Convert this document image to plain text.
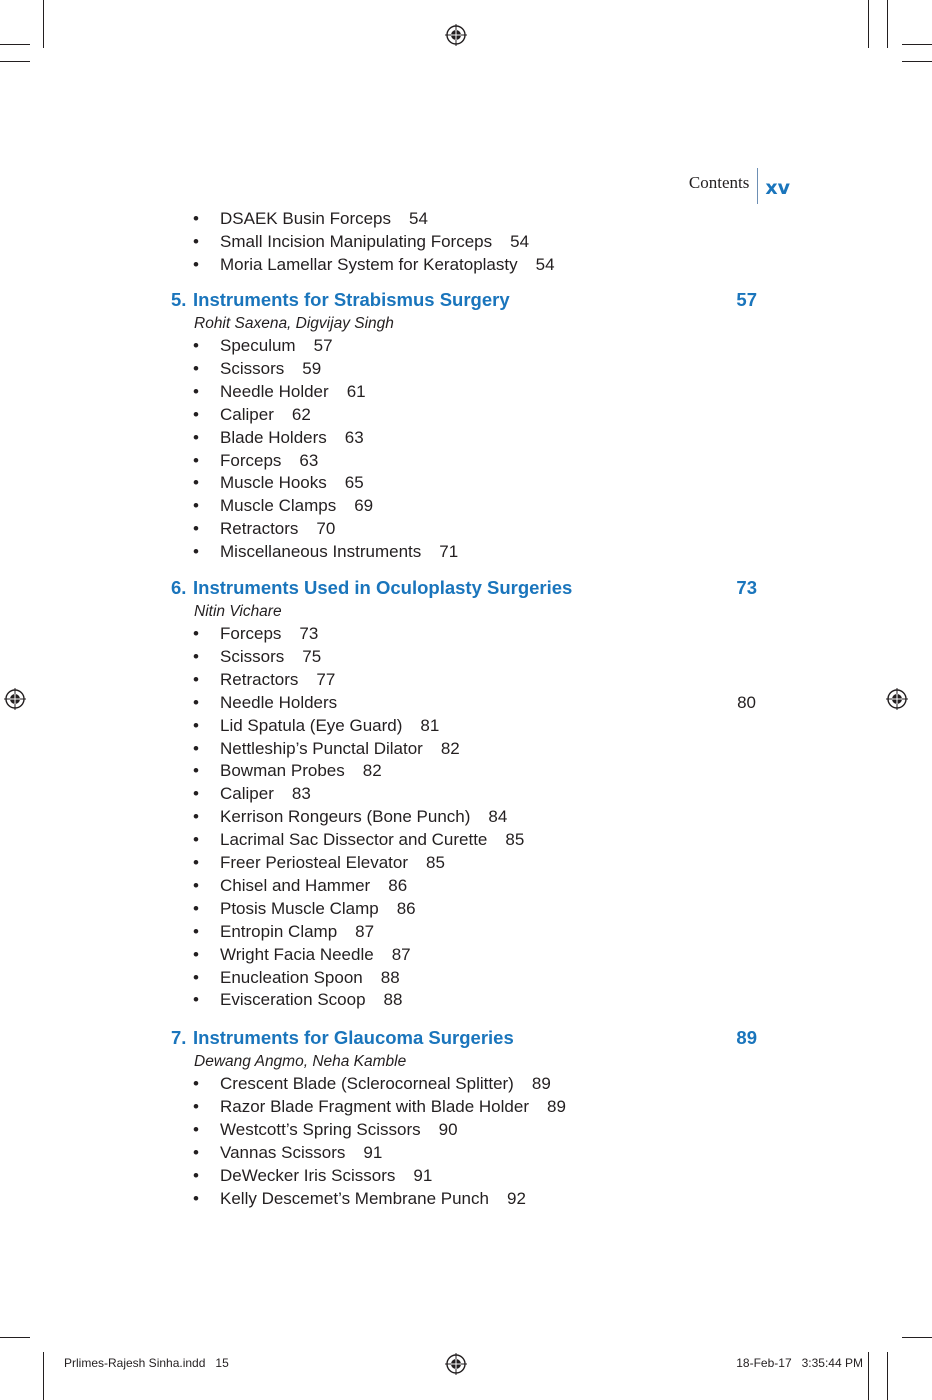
Contents xv
• DSAEK Busin Forceps 54
• Small Incision Manipulating Forceps 54
• Moria Lamellar System for Keratoplasty 54
5. Instruments for Strabismus Surgery	57
Rohit Saxena, Digvijay Singh
• Speculum 57
• Scissors 59
• Needle Holder 61
• Caliper 62
• Blade Holders 63
• Forceps 63
• Muscle Hooks 65
• Muscle Clamps 69
• Retractors 70
• Miscellaneous Instruments 71
6. Instruments Used in Oculoplasty Surgeries	73
Nitin Vichare
• Forceps 73
• Scissors 75
• Retractors 77
• Needle Holders	80
• Lid Spatula (Eye Guard) 81
• Nettleship’s Punctal Dilator 82
• Bowman Probes 82
• Caliper 83
• Kerrison Rongeurs (Bone Punch) 84
• Lacrimal Sac Dissector and Curette 85
• Freer Periosteal Elevator 85
• Chisel and Hammer 86
• Ptosis Muscle Clamp 86
• Entropin Clamp 87
• Wright Facia Needle 87
• Enucleation Spoon 88
• Evisceration Scoop 88
7. Instruments for Glaucoma Surgeries	89
Dewang Angmo, Neha Kamble
• Crescent Blade (Sclerocorneal Splitter) 89
• Razor Blade Fragment with Blade Holder 89
• Westcott’s Spring Scissors 90
• Vannas Scissors 91
• DeWecker Iris Scissors 91
• Kelly Descemet’s Membrane Punch 92
Prlimes-Rajesh Sinha.indd   15	18-Feb-17   3:35:44 PM
